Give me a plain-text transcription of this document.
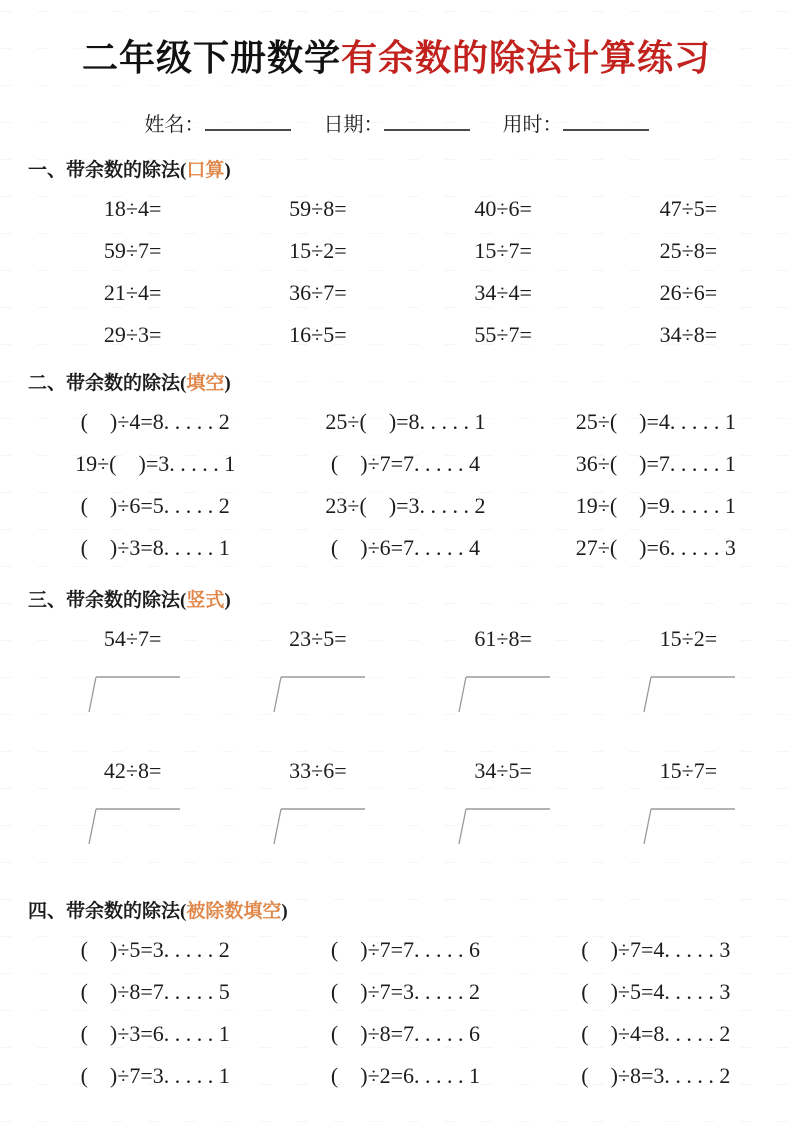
二年级下册数学有余数的除法计算练习
姓名：	日期：	用时：
一、带余数的除法(口算)
18÷4=	59÷8=	40÷6=	47÷5=
59÷7=	15÷2=	15÷7=	25÷8=
21÷4=	36÷7=	34÷4=	26÷6=
29÷3=	16÷5=	55÷7=	34÷8=
二、带余数的除法(填空)
(　)÷4=8. . . . . 2	25÷(　)=8. . . . . 1	25÷(　)=4. . . . . 1
19÷(　)=3. . . . . 1	(　)÷7=7. . . . . 4	36÷(　)=7. . . . . 1
(　)÷6=5. . . . . 2	23÷(　)=3. . . . . 2	19÷(　)=9. . . . . 1
(　)÷3=8. . . . . 1	(　)÷6=7. . . . . 4	27÷(　)=6. . . . . 3
三、带余数的除法(竖式)
54÷7=	23÷5=	61÷8=	15÷2=
42÷8=	33÷6=	34÷5=	15÷7=
四、带余数的除法(被除数填空)
(　)÷5=3. . . . . 2	(　)÷7=7. . . . . 6	(　)÷7=4. . . . . 3
(　)÷8=7. . . . . 5	(　)÷7=3. . . . . 2	(　)÷5=4. . . . . 3
(　)÷3=6. . . . . 1	(　)÷8=7. . . . . 6	(　)÷4=8. . . . . 2
(　)÷7=3. . . . . 1	(　)÷2=6. . . . . 1	(　)÷8=3. . . . . 2
